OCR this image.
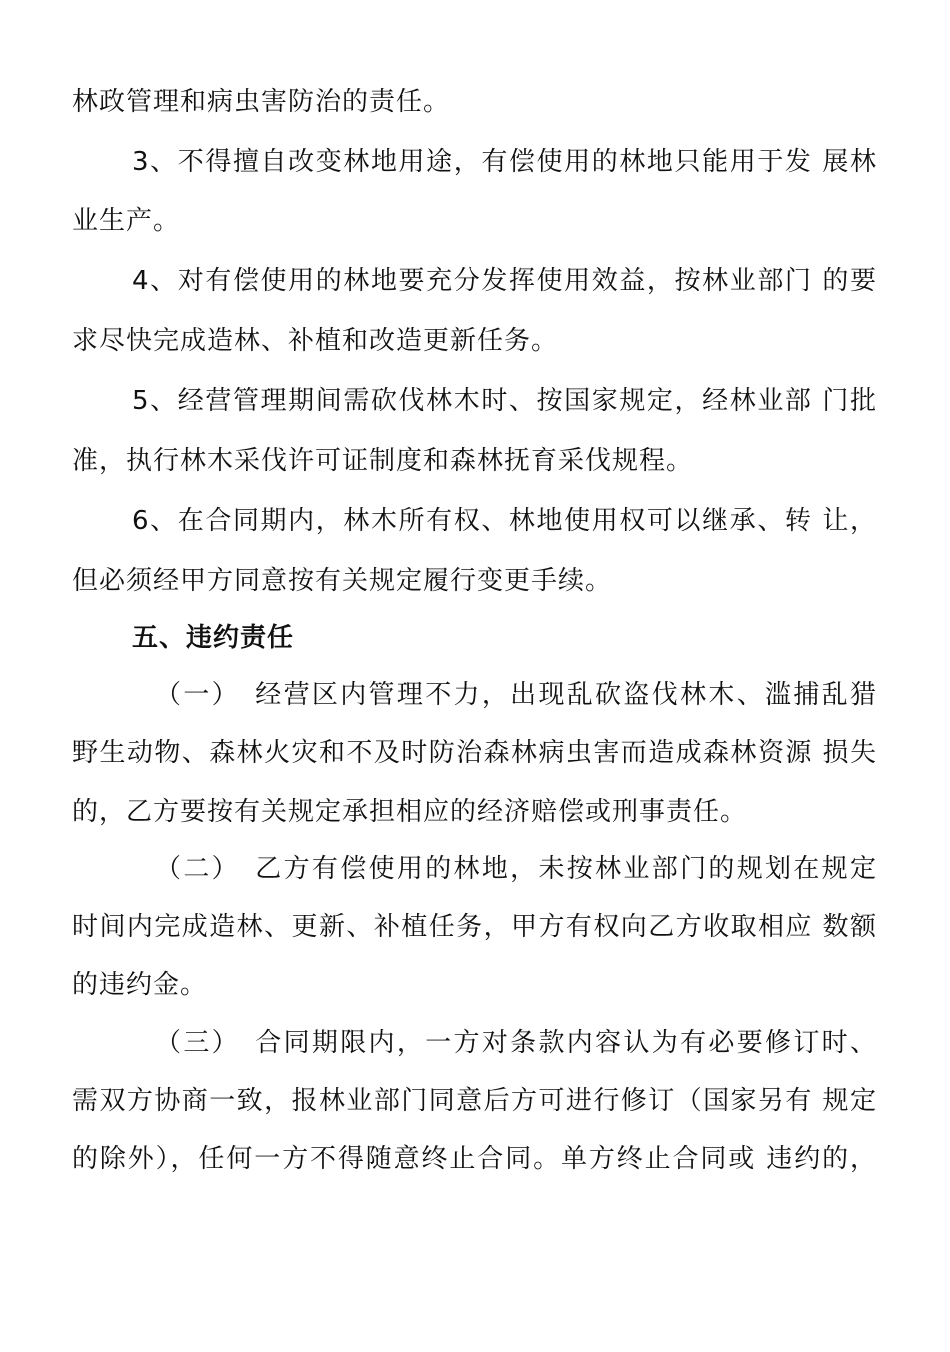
林政管理和病虫害防治的责任。
3、不得擅自改变林地用途，有偿使用的林地只能用于发 展林
业生产。
4、对有偿使用的林地要充分发挥使用效益，按林业部门 的要
求尽快完成造林、补植和改造更新任务。
5、经营管理期间需砍伐林木时、按国家规定，经林业部 门批
准，执行林木采伐许可证制度和森林抚育采伐规程。
6、在合同期内，林木所有权、林地使用权可以继承、转 让，
但必须经甲方同意按有关规定履行变更手续。
五、违约责任
（一）　经营区内管理不力，出现乱砍盗伐林木、滥捕乱猎
野生动物、森林火灾和不及时防治森林病虫害而造成森林资源 损失
的，乙方要按有关规定承担相应的经济赔偿或刑事责任。
（二）　乙方有偿使用的林地，未按林业部门的规划在规定
时间内完成造林、更新、补植任务，甲方有权向乙方收取相应 数额
的违约金。
（三）　合同期限内，一方对条款内容认为有必要修订时、
需双方协商一致，报林业部门同意后方可进行修订（国家另有 规定
的除外），任何一方不得随意终止合同。单方终止合同或 违约的，
